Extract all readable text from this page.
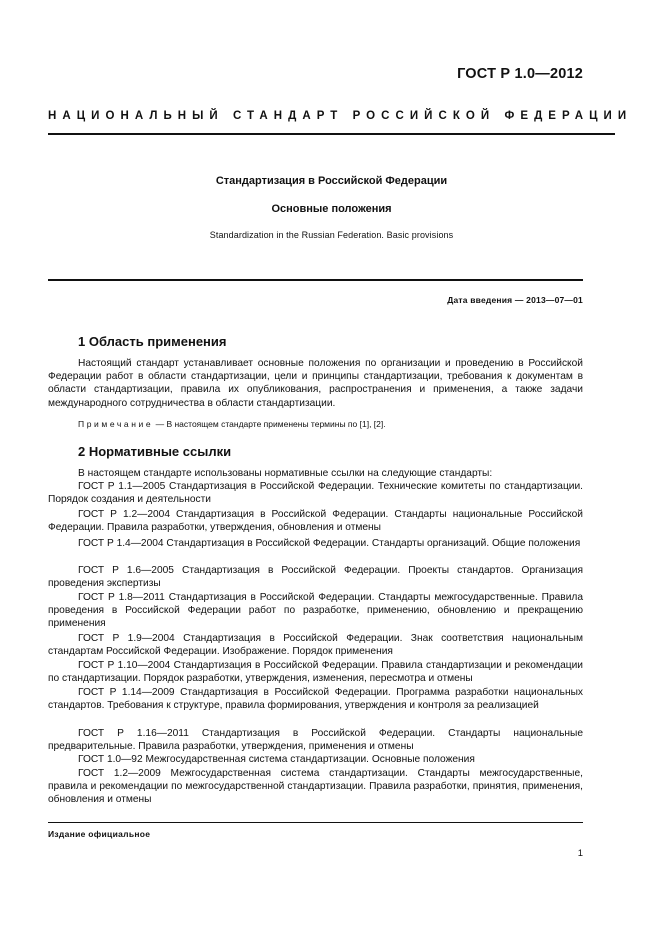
ГОСТ Р 1.0—2012
НАЦИОНАЛЬНЫЙ СТАНДАРТ РОССИЙСКОЙ ФЕДЕРАЦИИ
Стандартизация в Российской Федерации
Основные положения
Standardization in the Russian Federation. Basic provisions
Дата введения — 2013—07—01
1 Область применения
Настоящий стандарт устанавливает основные положения по организации и проведению в Российской Федерации работ в области стандартизации, цели и принципы стандартизации, требования к документам в области стандартизации, правила их опубликования, распространения и применения, а также задачи международного сотрудничества в области стандартизации.
Примечание — В настоящем стандарте применены термины по [1], [2].
2 Нормативные ссылки
В настоящем стандарте использованы нормативные ссылки на следующие стандарты:
ГОСТ Р 1.1—2005 Стандартизация в Российской Федерации. Технические комитеты по стандартизации. Порядок создания и деятельности
ГОСТ Р 1.2—2004 Стандартизация в Российской Федерации. Стандарты национальные Российской Федерации. Правила разработки, утверждения, обновления и отмены
ГОСТ Р 1.4—2004 Стандартизация в Российской Федерации. Стандарты организаций. Общие положения
ГОСТ Р 1.6—2005 Стандартизация в Российской Федерации. Проекты стандартов. Организация проведения экспертизы
ГОСТ Р 1.8—2011 Стандартизация в Российской Федерации. Стандарты межгосударственные. Правила проведения в Российской Федерации работ по разработке, применению, обновлению и прекращению применения
ГОСТ Р 1.9—2004 Стандартизация в Российской Федерации. Знак соответствия национальным стандартам Российской Федерации. Изображение. Порядок применения
ГОСТ Р 1.10—2004 Стандартизация в Российской Федерации. Правила стандартизации и рекомендации по стандартизации. Порядок разработки, утверждения, изменения, пересмотра и отмены
ГОСТ Р 1.14—2009 Стандартизация в Российской Федерации. Программа разработки национальных стандартов. Требования к структуре, правила формирования, утверждения и контроля за реализацией
ГОСТ Р 1.16—2011 Стандартизация в Российской Федерации. Стандарты национальные предварительные. Правила разработки, утверждения, применения и отмены
ГОСТ 1.0—92 Межгосударственная система стандартизации. Основные положения
ГОСТ 1.2—2009 Межгосударственная система стандартизации. Стандарты межгосударственные, правила и рекомендации по межгосударственной стандартизации. Правила разработки, принятия, применения, обновления и отмены
Издание официальное
1
